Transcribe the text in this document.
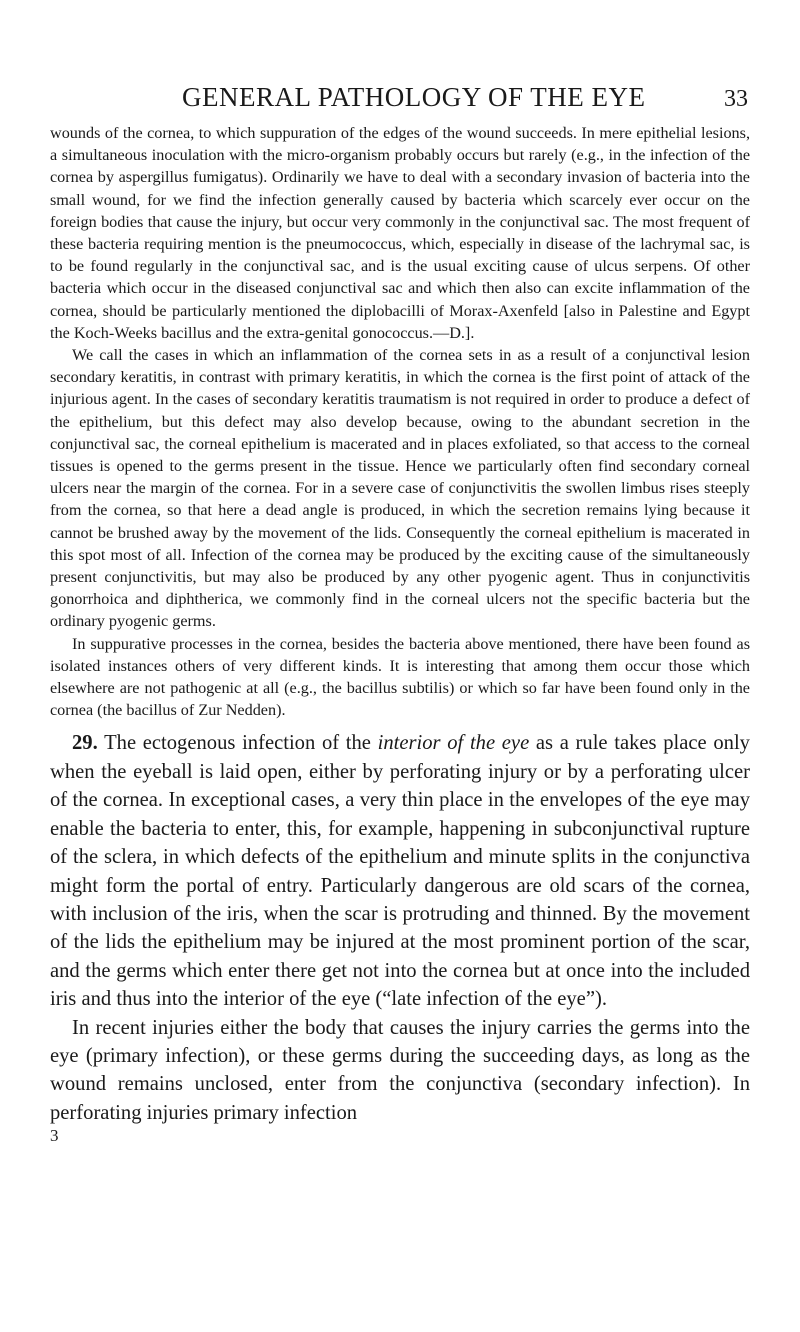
GENERAL PATHOLOGY OF THE EYE	33

wounds of the cornea, to which suppuration of the edges of the wound succeeds. In mere epithelial lesions, a simultaneous inoculation with the micro-organism probably occurs but rarely (e.g., in the infection of the cornea by aspergillus fumigatus). Ordinarily we have to deal with a secondary invasion of bacteria into the small wound, for we find the infection generally caused by bacteria which scarcely ever occur on the foreign bodies that cause the injury, but occur very commonly in the conjunctival sac. The most frequent of these bacteria requiring mention is the pneumococcus, which, especially in disease of the lachrymal sac, is to be found regularly in the conjunctival sac, and is the usual exciting cause of ulcus serpens. Of other bacteria which occur in the diseased conjunctival sac and which then also can excite inflammation of the cornea, should be particularly mentioned the diplobacilli of Morax-Axenfeld [also in Palestine and Egypt the Koch-Weeks bacillus and the extra-genital gonococcus.—D.].

We call the cases in which an inflammation of the cornea sets in as a result of a conjunctival lesion secondary keratitis, in contrast with primary keratitis, in which the cornea is the first point of attack of the injurious agent. In the cases of secondary keratitis traumatism is not required in order to produce a defect of the epithelium, but this defect may also develop because, owing to the abundant secretion in the conjunctival sac, the corneal epithelium is macerated and in places exfoliated, so that access to the corneal tissues is opened to the germs present in the tissue. Hence we particularly often find secondary corneal ulcers near the margin of the cornea. For in a severe case of conjunctivitis the swollen limbus rises steeply from the cornea, so that here a dead angle is produced, in which the secretion remains lying because it cannot be brushed away by the movement of the lids. Consequently the corneal epithelium is macerated in this spot most of all. Infection of the cornea may be produced by the exciting cause of the simultaneously present conjunctivitis, but may also be produced by any other pyogenic agent. Thus in conjunctivitis gonorrhoica and diphtherica, we commonly find in the corneal ulcers not the specific bacteria but the ordinary pyogenic germs.

In suppurative processes in the cornea, besides the bacteria above mentioned, there have been found as isolated instances others of very different kinds. It is interesting that among them occur those which elsewhere are not pathogenic at all (e.g., the bacillus subtilis) or which so far have been found only in the cornea (the bacillus of Zur Nedden).

29. The ectogenous infection of the interior of the eye as a rule takes place only when the eyeball is laid open, either by perforating injury or by a perforating ulcer of the cornea. In exceptional cases, a very thin place in the envelopes of the eye may enable the bacteria to enter, this, for example, happening in subconjunctival rupture of the sclera, in which defects of the epithelium and minute splits in the conjunctiva might form the portal of entry. Particularly dangerous are old scars of the cornea, with inclusion of the iris, when the scar is protruding and thinned. By the movement of the lids the epithelium may be injured at the most prominent portion of the scar, and the germs which enter there get not into the cornea but at once into the included iris and thus into the interior of the eye (“late infection of the eye”).

In recent injuries either the body that causes the injury carries the germs into the eye (primary infection), or these germs during the succeeding days, as long as the wound remains unclosed, enter from the conjunctiva (secondary infection). In perforating injuries primary infection

3
